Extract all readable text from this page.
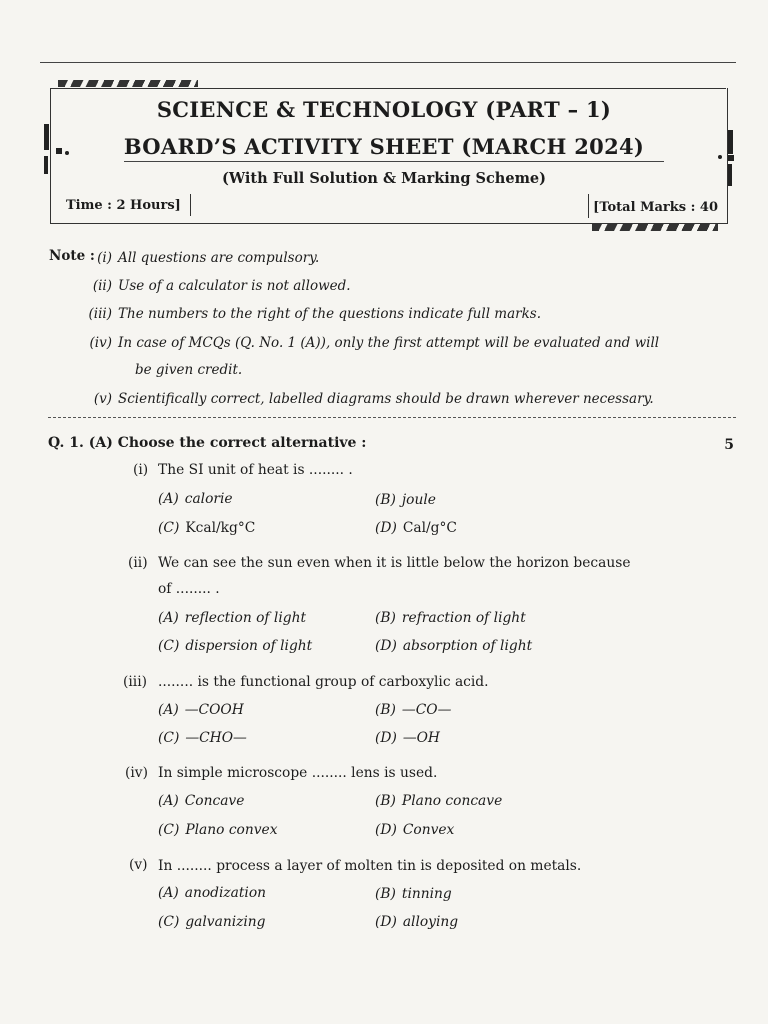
SCIENCE & TECHNOLOGY (PART – 1)
BOARD’S ACTIVITY SHEET (MARCH 2024)
(With Full Solution & Marking Scheme)
Time : 2 Hours]	[Total Marks : 40
Note : (i) All questions are compulsory.
(ii) Use of a calculator is not allowed.
(iii) The numbers to the right of the questions indicate full marks.
(iv) In case of MCQs (Q. No. 1 (A)), only the first attempt will be evaluated and will
be given credit.
(v) Scientifically correct, labelled diagrams should be drawn wherever necessary.
Q. 1. (A) Choose the correct alternative :	5
(i) The SI unit of heat is ........ .
(A) calorie	(B) joule
(C) Kcal/kg°C	(D) Cal/g°C
(ii) We can see the sun even when it is little below the horizon because
of ........ .
(A) reflection of light	(B) refraction of light
(C) dispersion of light	(D) absorption of light
(iii) ........ is the functional group of carboxylic acid.
(A) —COOH	(B) —CO—
(C) —CHO—	(D) —OH
(iv) In simple microscope ........ lens is used.
(A) Concave	(B) Plano concave
(C) Plano convex	(D) Convex
(v) In ........ process a layer of molten tin is deposited on metals.
(A) anodization	(B) tinning
(C) galvanizing	(D) alloying
